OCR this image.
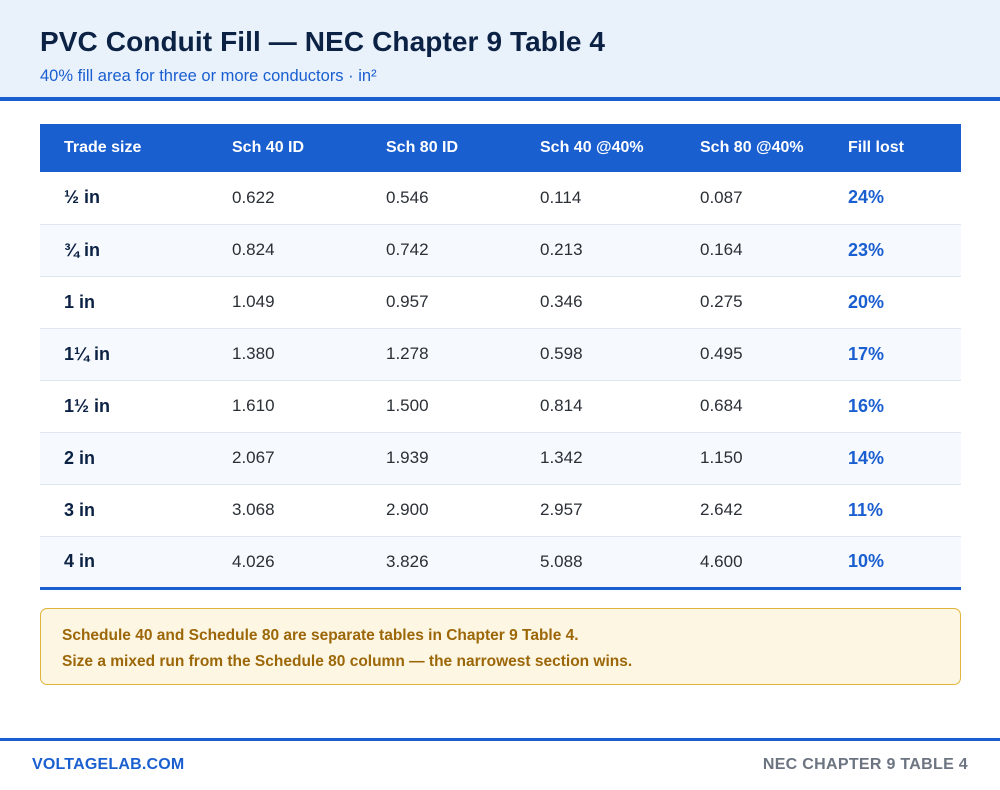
PVC Conduit Fill — NEC Chapter 9 Table 4
40% fill area for three or more conductors · in²
Trade size	Sch 40 ID	Sch 80 ID	Sch 40 @40%	Sch 80 @40%	Fill lost
½ in	0.622	0.546	0.114	0.087	24%
¾ in	0.824	0.742	0.213	0.164	23%
1 in	1.049	0.957	0.346	0.275	20%
1¼ in	1.380	1.278	0.598	0.495	17%
1½ in	1.610	1.500	0.814	0.684	16%
2 in	2.067	1.939	1.342	1.150	14%
3 in	3.068	2.900	2.957	2.642	11%
4 in	4.026	3.826	5.088	4.600	10%

Schedule 40 and Schedule 80 are separate tables in Chapter 9 Table 4.

Size a mixed run from the Schedule 80 column — the narrowest section wins.

VOLTAGELAB.COM	NEC CHAPTER 9 TABLE 4
